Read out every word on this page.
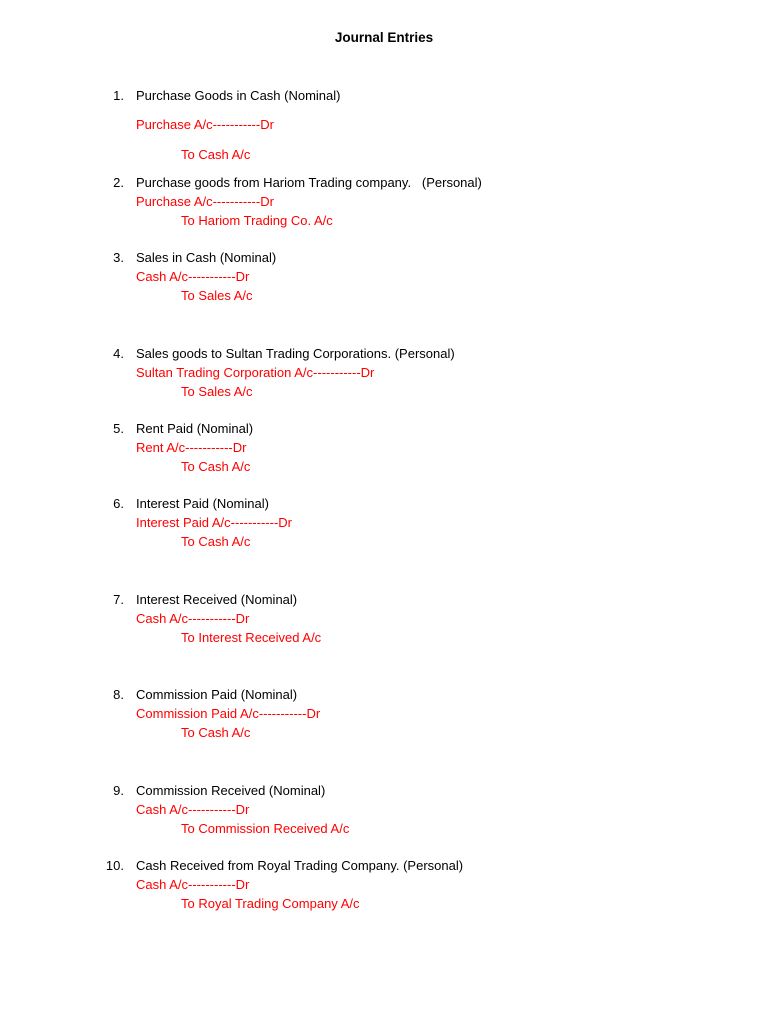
Journal Entries
1. Purchase Goods in Cash (Nominal)
Purchase A/c-----------Dr
To Cash A/c
2. Purchase goods from Hariom Trading company.   (Personal)
Purchase A/c-----------Dr
To Hariom Trading Co. A/c
3. Sales in Cash (Nominal)
Cash A/c-----------Dr
To Sales A/c
4. Sales goods to Sultan Trading Corporations. (Personal)
Sultan Trading Corporation A/c-----------Dr
To Sales A/c
5. Rent Paid (Nominal)
Rent A/c-----------Dr
To Cash A/c
6. Interest Paid (Nominal)
Interest Paid A/c-----------Dr
To Cash A/c
7. Interest Received (Nominal)
Cash A/c-----------Dr
To Interest Received A/c
8. Commission Paid (Nominal)
Commission Paid A/c-----------Dr
To Cash A/c
9. Commission Received (Nominal)
Cash A/c-----------Dr
To Commission Received A/c
10. Cash Received from Royal Trading Company. (Personal)
Cash A/c-----------Dr
To Royal Trading Company A/c
